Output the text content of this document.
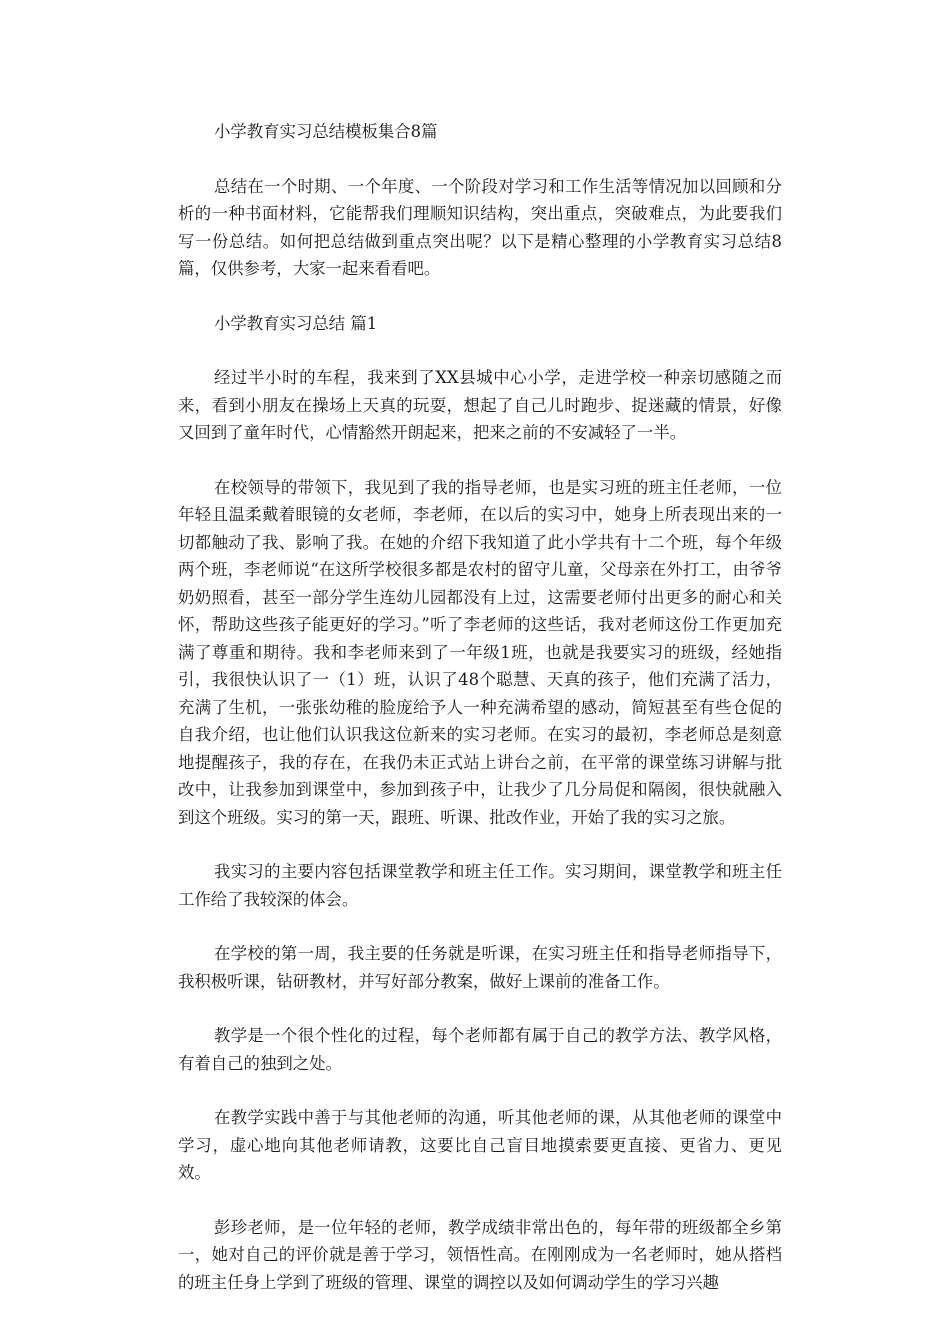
小学教育实习总结模板集合8篇

总结在一个时期、一个年度、一个阶段对学习和工作生活等情况加以回顾和分析的一种书面材料，它能帮我们理顺知识结构，突出重点，突破难点，为此要我们写一份总结。如何把总结做到重点突出呢？以下是精心整理的小学教育实习总结8篇，仅供参考，大家一起来看看吧。

小学教育实习总结 篇1

经过半小时的车程，我来到了XX县城中心小学，走进学校一种亲切感随之而来，看到小朋友在操场上天真的玩耍，想起了自己儿时跑步、捉迷藏的情景，好像又回到了童年时代，心情豁然开朗起来，把来之前的不安减轻了一半。

在校领导的带领下，我见到了我的指导老师，也是实习班的班主任老师，一位年轻且温柔戴着眼镜的女老师，李老师，在以后的实习中，她身上所表现出来的一切都触动了我、影响了我。在她的介绍下我知道了此小学共有十二个班，每个年级两个班，李老师说“在这所学校很多都是农村的留守儿童，父母亲在外打工，由爷爷奶奶照看，甚至一部分学生连幼儿园都没有上过，这需要老师付出更多的耐心和关怀，帮助这些孩子能更好的学习。”听了李老师的这些话，我对老师这份工作更加充满了尊重和期待。我和李老师来到了一年级1班，也就是我要实习的班级，经她指引，我很快认识了一（1）班，认识了48个聪慧、天真的孩子，他们充满了活力，充满了生机，一张张幼稚的脸庞给予人一种充满希望的感动，简短甚至有些仓促的自我介绍，也让他们认识我这位新来的实习老师。在实习的最初，李老师总是刻意地提醒孩子，我的存在，在我仍未正式站上讲台之前，在平常的课堂练习讲解与批改中，让我参加到课堂中，参加到孩子中，让我少了几分局促和隔阂，很快就融入到这个班级。实习的第一天，跟班、听课、批改作业，开始了我的实习之旅。

我实习的主要内容包括课堂教学和班主任工作。实习期间，课堂教学和班主任工作给了我较深的体会。

在学校的第一周，我主要的任务就是听课，在实习班主任和指导老师指导下，我积极听课，钻研教材，并写好部分教案，做好上课前的准备工作。

教学是一个很个性化的过程，每个老师都有属于自己的教学方法、教学风格，有着自己的独到之处。

在教学实践中善于与其他老师的沟通，听其他老师的课，从其他老师的课堂中学习，虚心地向其他老师请教，这要比自己盲目地摸索要更直接、更省力、更见效。

彭珍老师，是一位年轻的老师，教学成绩非常出色的，每年带的班级都全乡第一，她对自己的评价就是善于学习，领悟性高。在刚刚成为一名老师时，她从搭档的班主任身上学到了班级的管理、课堂的调控以及如何调动学生的学习兴趣
